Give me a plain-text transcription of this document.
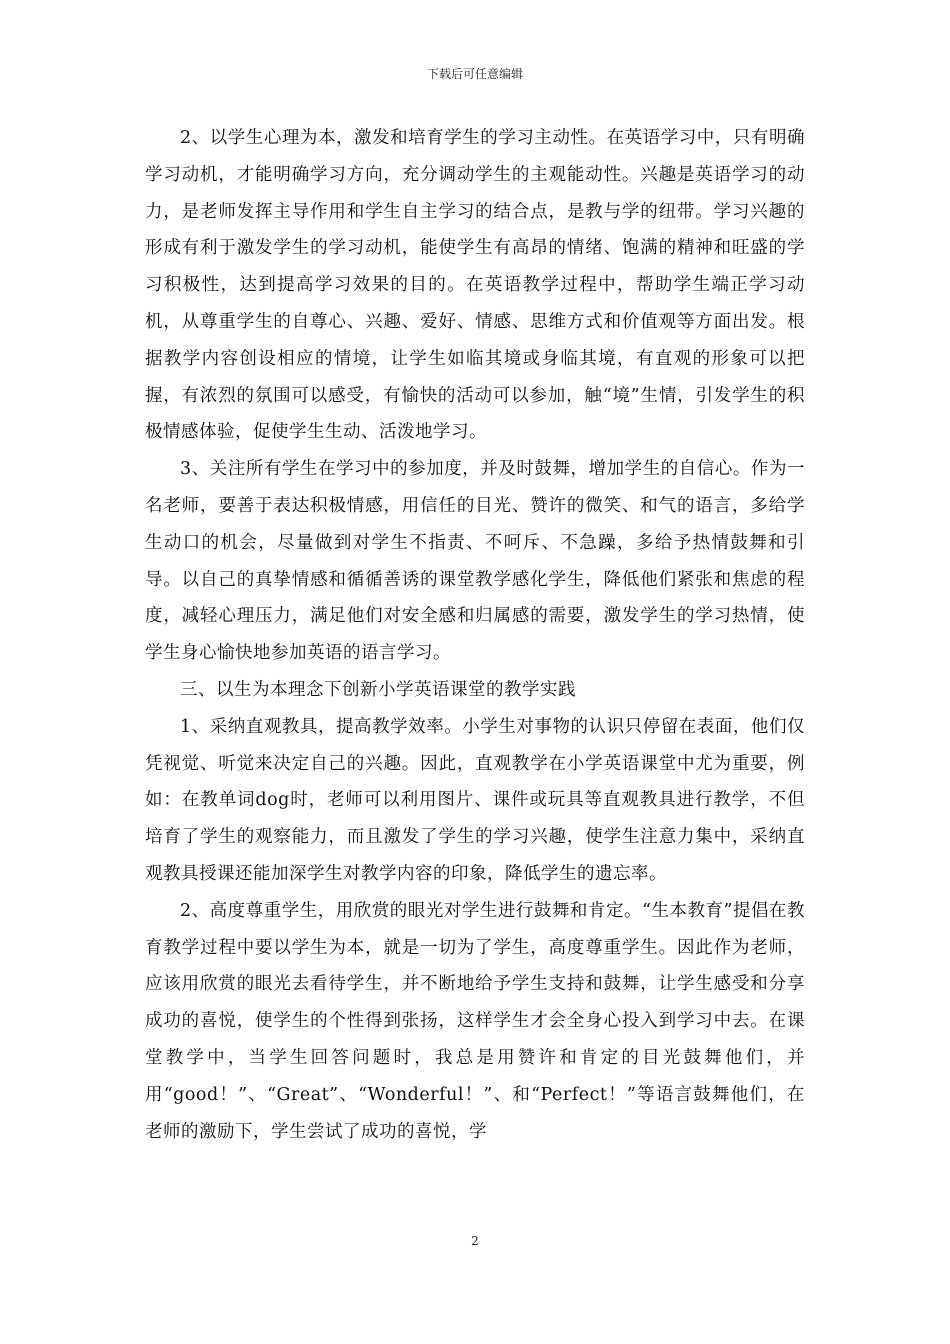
下载后可任意编辑

2、以学生心理为本，激发和培育学生的学习主动性。在英语学习中，只有明确学习动机，才能明确学习方向，充分调动学生的主观能动性。兴趣是英语学习的动力，是老师发挥主导作用和学生自主学习的结合点，是教与学的纽带。学习兴趣的形成有利于激发学生的学习动机，能使学生有高昂的情绪、饱满的精神和旺盛的学习积极性，达到提高学习效果的目的。在英语教学过程中，帮助学生端正学习动机，从尊重学生的自尊心、兴趣、爱好、情感、思维方式和价值观等方面出发。根据教学内容创设相应的情境，让学生如临其境或身临其境，有直观的形象可以把握，有浓烈的氛围可以感受，有愉快的活动可以参加，触“境”生情，引发学生的积极情感体验，促使学生生动、活泼地学习。

3、关注所有学生在学习中的参加度，并及时鼓舞，增加学生的自信心。作为一名老师，要善于表达积极情感，用信任的目光、赞许的微笑、和气的语言，多给学生动口的机会，尽量做到对学生不指责、不呵斥、不急躁，多给予热情鼓舞和引导。以自己的真挚情感和循循善诱的课堂教学感化学生，降低他们紧张和焦虑的程度，减轻心理压力，满足他们对安全感和归属感的需要，激发学生的学习热情，使学生身心愉快地参加英语的语言学习。

三、以生为本理念下创新小学英语课堂的教学实践

1、采纳直观教具，提高教学效率。小学生对事物的认识只停留在表面，他们仅凭视觉、听觉来决定自己的兴趣。因此，直观教学在小学英语课堂中尤为重要，例如：在教单词dog时，老师可以利用图片、课件或玩具等直观教具进行教学，不但培育了学生的观察能力，而且激发了学生的学习兴趣，使学生注意力集中，采纳直观教具授课还能加深学生对教学内容的印象，降低学生的遗忘率。

2、高度尊重学生，用欣赏的眼光对学生进行鼓舞和肯定。“生本教育”提倡在教育教学过程中要以学生为本，就是一切为了学生，高度尊重学生。因此作为老师，应该用欣赏的眼光去看待学生，并不断地给予学生支持和鼓舞，让学生感受和分享成功的喜悦，使学生的个性得到张扬，这样学生才会全身心投入到学习中去。在课堂教学中，当学生回答问题时，我总是用赞许和肯定的目光鼓舞他们，并用“good！”、“Great”、“Wonderful！”、和“Perfect！”等语言鼓舞他们，在老师的激励下，学生尝试了成功的喜悦，学

2
